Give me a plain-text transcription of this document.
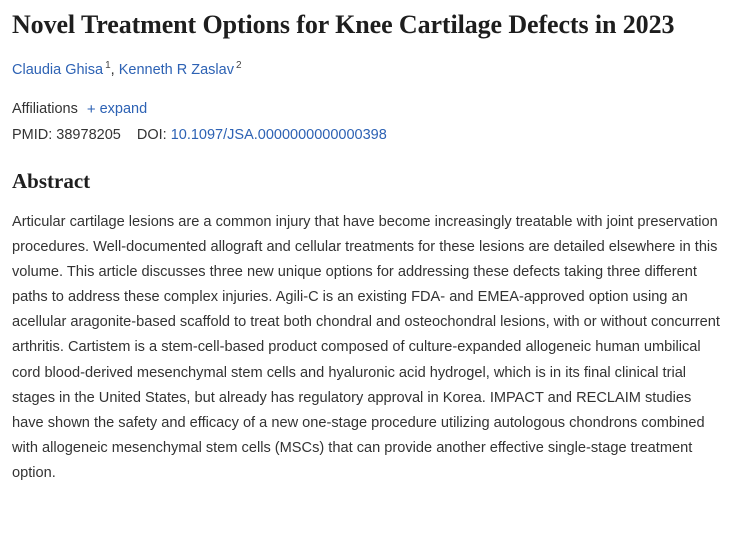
Novel Treatment Options for Knee Cartilage Defects in 2023
Claudia Ghisa $^1$, Kenneth R Zaslav $^2$
Affiliations + expand
PMID: 38978205 DOI: 10.1097/JSA.0000000000000398
Abstract

Articular cartilage lesions are a common injury that have become increasingly treatable with joint preservation procedures. Well-documented allograft and cellular treatments for these lesions are detailed elsewhere in this volume. This article discusses three new unique options for addressing these defects taking three different paths to address these complex injuries. Agili-C is an existing FDA- and EMEA-approved option using an acellular aragonite-based scaffold to treat both chondral and osteochondral lesions, with or without concurrent arthritis. Cartistem is a stem-cell-based product composed of culture-expanded allogeneic human umbilical cord blood-derived mesenchymal stem cells and hyaluronic acid hydrogel, which is in its final clinical trial stages in the United States, but already has regulatory approval in Korea. IMPACT and RECLAIM studies have shown the safety and efficacy of a new one-stage procedure utilizing autologous chondrons combined with allogeneic mesenchymal stem cells (MSCs) that can provide another effective single-stage treatment option.
